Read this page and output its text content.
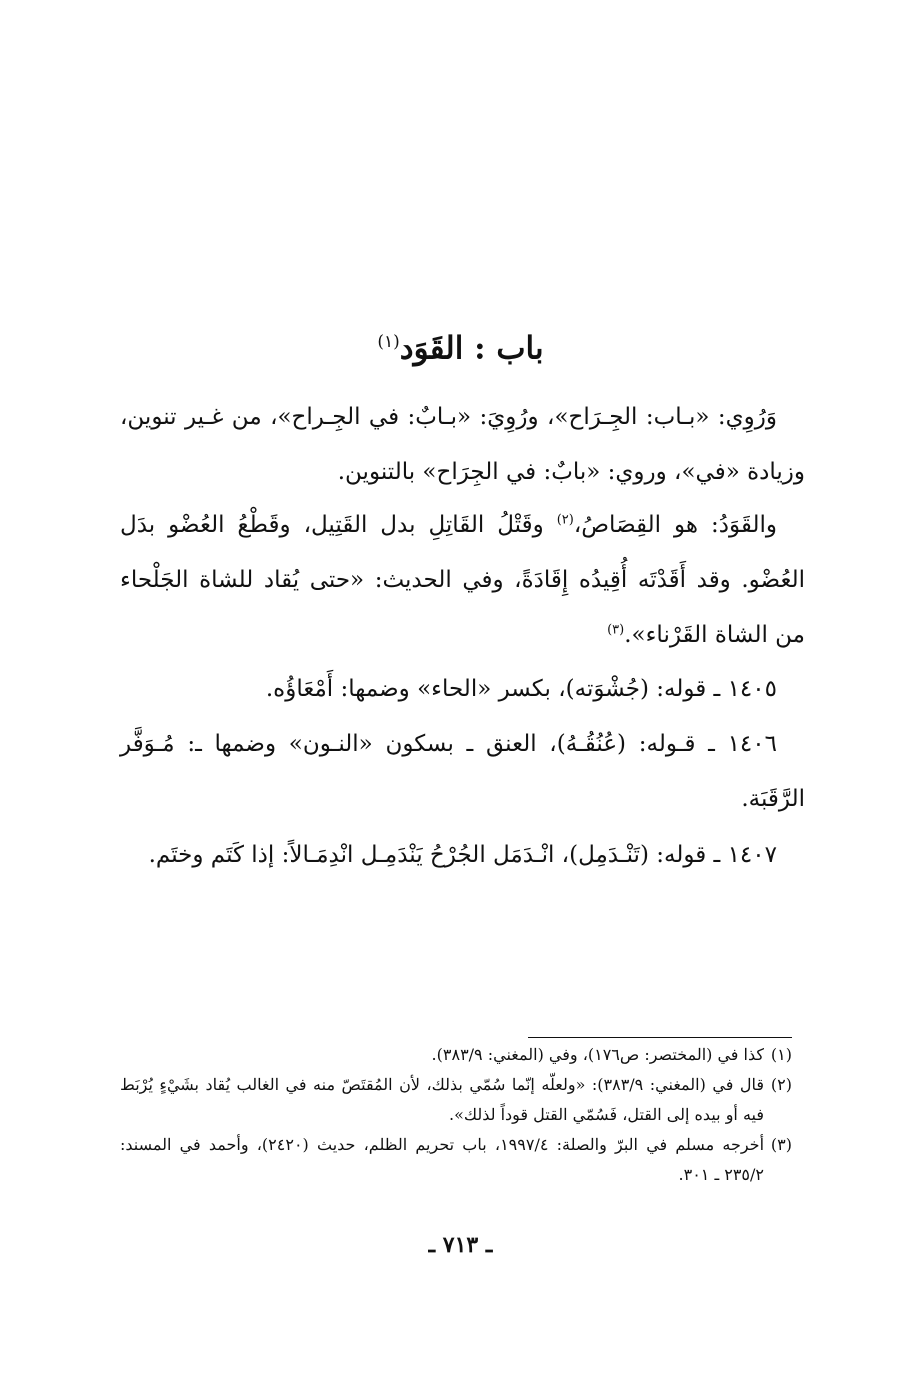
باب : القَوَد$^{(١)}$
وَرُوِي: «بـاب: الجِـرَاح»، ورُوِيَ: «بـابٌ: في الجِـراح»، من غـير تنوين، وزيادة «في»، وروي: «بابٌ: في الجِرَاح» بالتنوين.
والقَوَدُ: هو القِصَاصُ،$^{(٢)}$ وقَتْلُ القَاتِلِ بدل القَتِيل، وقَطْعُ العُضْو بدَل العُضْو. وقد أَقَدْتَه أُقِيدُه إِقَادَةً، وفي الحديث: «حتى يُقاد للشاة الجَلْحاء من الشاة القَرْناء».$^{(٣)}$
١٤٠٥ ـ قوله: (جُشْوَته)، بكسر «الحاء» وضمها: أَمْعَاؤُه.
١٤٠٦ ـ قـوله: (عُنُقُـهُ)، العنق ـ بسكون «النـون» وضمها ـ: مُـوَفَّر الرَّقَبَة.
١٤٠٧ ـ قوله: (تَنْـدَمِل)، انْـدَمَل الجُرْحُ يَنْدَمِـل انْدِمَـالاً: إذا كَتَم وختَم.
(١)كذا في (المختصر: ص١٧٦)، وفي (المغني: ٣٨٣/٩).
(٢)قال في (المغني: ٣٨٣/٩): «ولعلّه إنّما سُمّي بذلك، لأن المُقتَصّ منه في الغالب يُقاد بشَيْءٍ يُرْبَط فيه أو بيده إلى القتل، فَسُمّي القتل قوداً لذلك».
(٣)أخرجه مسلم في البرّ والصلة: ١٩٩٧/٤، باب تحريم الظلم، حديث (٢٤٢٠)، وأحمد في المسند: ٢٣٥/٢ ـ ٣٠١.
ـ ٧١٣ ـ
